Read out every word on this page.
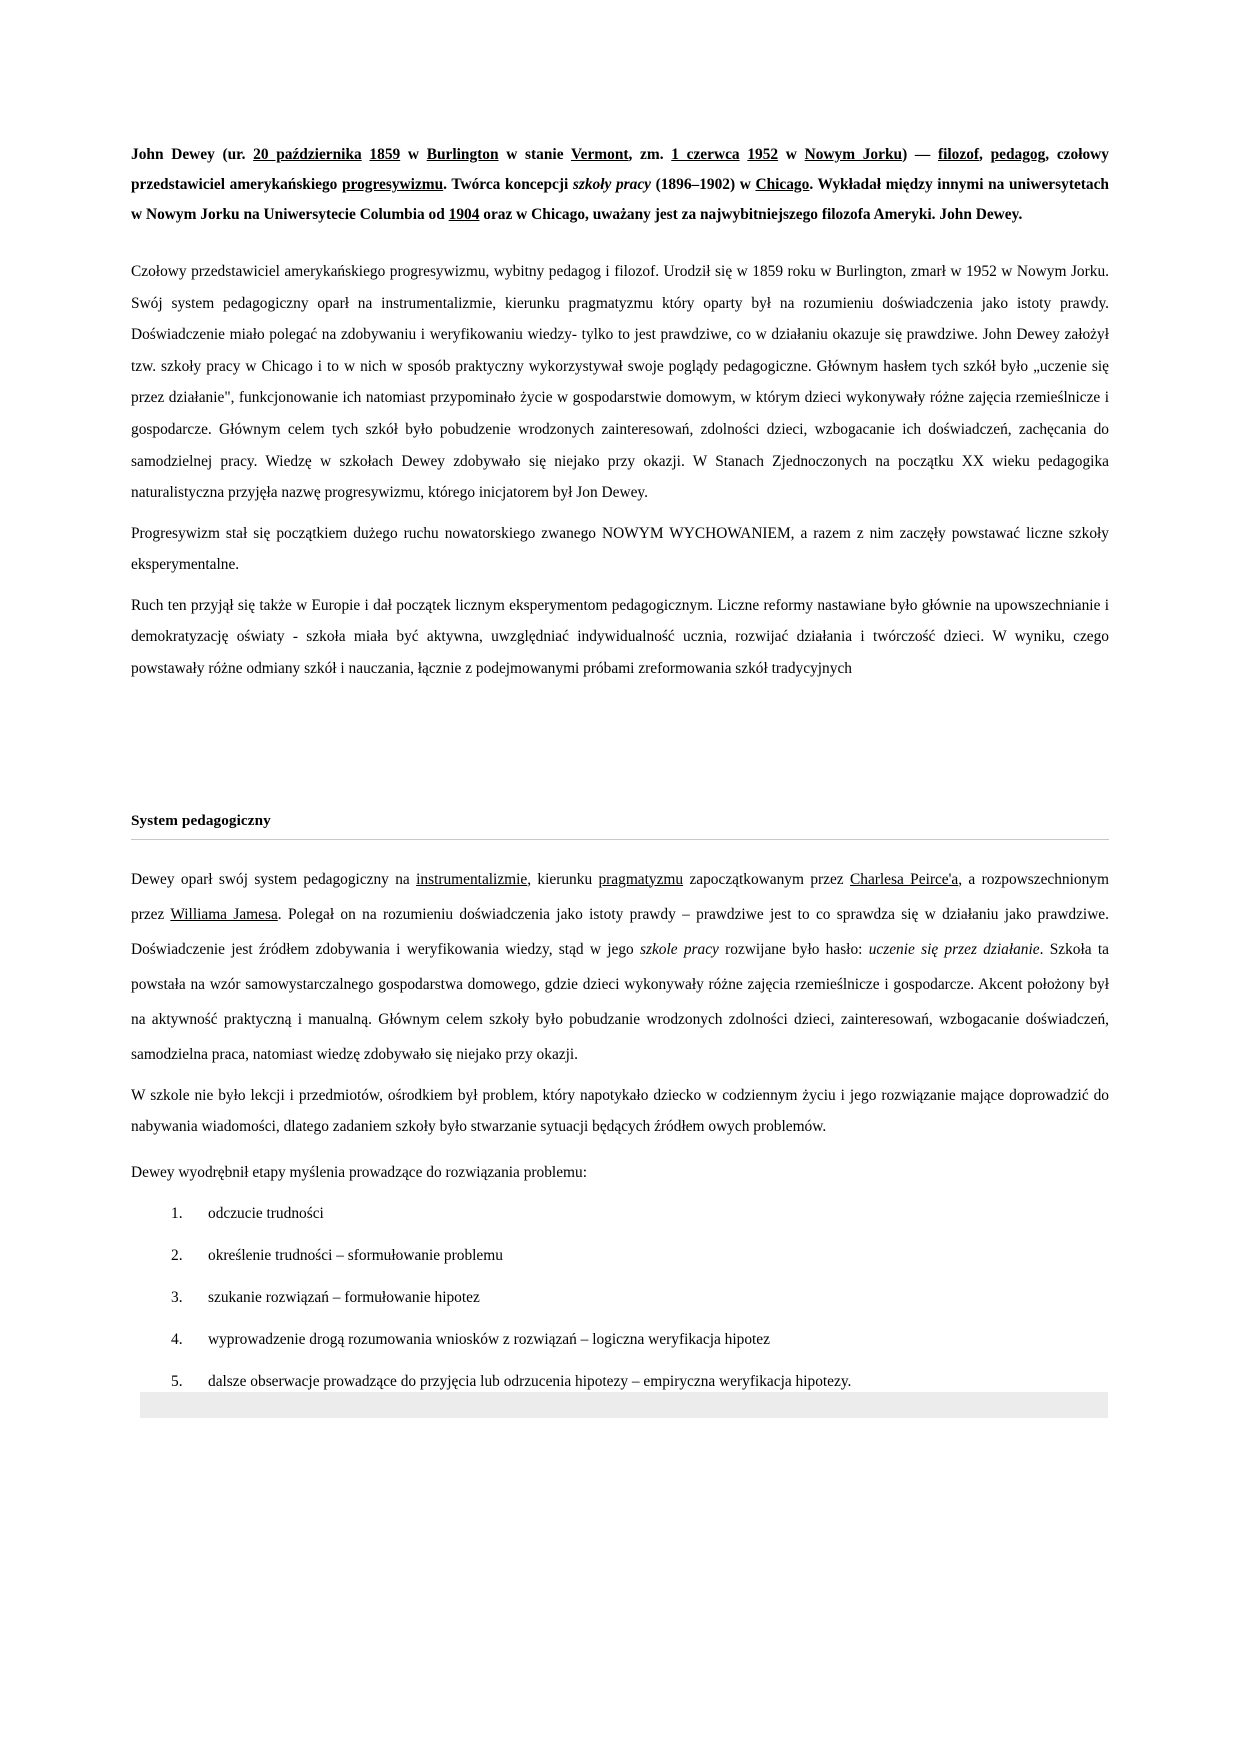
John Dewey (ur. 20 października 1859 w Burlington w stanie Vermont, zm. 1 czerwca 1952 w Nowym Jorku) — filozof, pedagog, czołowy przedstawiciel amerykańskiego progresywizmu. Twórca koncepcji szkoły pracy (1896–1902) w Chicago. Wykładał między innymi na uniwersytetach w Nowym Jorku na Uniwersytecie Columbia od 1904 oraz w Chicago, uważany jest za najwybitniejszego filozofa Ameryki. John Dewey.

Czołowy przedstawiciel amerykańskiego progresywizmu, wybitny pedagog i filozof. Urodził się w 1859 roku w Burlington, zmarł w 1952 w Nowym Jorku. Swój system pedagogiczny oparł na instrumentalizmie, kierunku pragmatyzmu który oparty był na rozumieniu doświadczenia jako istoty prawdy. Doświadczenie miało polegać na zdobywaniu i weryfikowaniu wiedzy- tylko to jest prawdziwe, co w działaniu okazuje się prawdziwe. John Dewey założył tzw. szkoły pracy w Chicago i to w nich w sposób praktyczny wykorzystywał swoje poglądy pedagogiczne. Głównym hasłem tych szkół było „uczenie się przez działanie", funkcjonowanie ich natomiast przypominało życie w gospodarstwie domowym, w którym dzieci wykonywały różne zajęcia rzemieślnicze i gospodarcze. Głównym celem tych szkół było pobudzenie wrodzonych zainteresowań, zdolności dzieci, wzbogacanie ich doświadczeń, zachęcania do samodzielnej pracy. Wiedzę w szkołach Dewey zdobywało się niejako przy okazji. W Stanach Zjednoczonych na początku XX wieku pedagogika naturalistyczna przyjęła nazwę progresywizmu, którego inicjatorem był Jon Dewey.

Progresywizm stał się początkiem dużego ruchu nowatorskiego zwanego NOWYM WYCHOWANIEM, a razem z nim zaczęły powstawać liczne szkoły eksperymentalne.

Ruch ten przyjął się także w Europie i dał początek licznym eksperymentom pedagogicznym. Liczne reformy nastawiane było głównie na upowszechnianie i demokratyzację oświaty - szkoła miała być aktywna, uwzględniać indywidualność ucznia, rozwijać działania i twórczość dzieci. W wyniku, czego powstawały różne odmiany szkół i nauczania, łącznie z podejmowanymi próbami zreformowania szkół tradycyjnych

System pedagogiczny

Dewey oparł swój system pedagogiczny na instrumentalizmie, kierunku pragmatyzmu zapoczątkowanym przez Charlesa Peirce'a, a rozpowszechnionym przez Williama Jamesa. Polegał on na rozumieniu doświadczenia jako istoty prawdy – prawdziwe jest to co sprawdza się w działaniu jako prawdziwe. Doświadczenie jest źródłem zdobywania i weryfikowania wiedzy, stąd w jego szkole pracy rozwijane było hasło: uczenie się przez działanie. Szkoła ta powstała na wzór samowystarczalnego gospodarstwa domowego, gdzie dzieci wykonywały różne zajęcia rzemieślnicze i gospodarcze. Akcent położony był na aktywność praktyczną i manualną. Głównym celem szkoły było pobudzanie wrodzonych zdolności dzieci, zainteresowań, wzbogacanie doświadczeń, samodzielna praca, natomiast wiedzę zdobywało się niejako przy okazji.

W szkole nie było lekcji i przedmiotów, ośrodkiem był problem, który napotykało dziecko w codziennym życiu i jego rozwiązanie mające doprowadzić do nabywania wiadomości, dlatego zadaniem szkoły było stwarzanie sytuacji będących źródłem owych problemów.

Dewey wyodrębnił etapy myślenia prowadzące do rozwiązania problemu:

odczucie trudności
określenie trudności – sformułowanie problemu
szukanie rozwiązań – formułowanie hipotez
wyprowadzenie drogą rozumowania wniosków z rozwiązań – logiczna weryfikacja hipotez
dalsze obserwacje prowadzące do przyjęcia lub odrzucenia hipotezy – empiryczna weryfikacja hipotezy.
